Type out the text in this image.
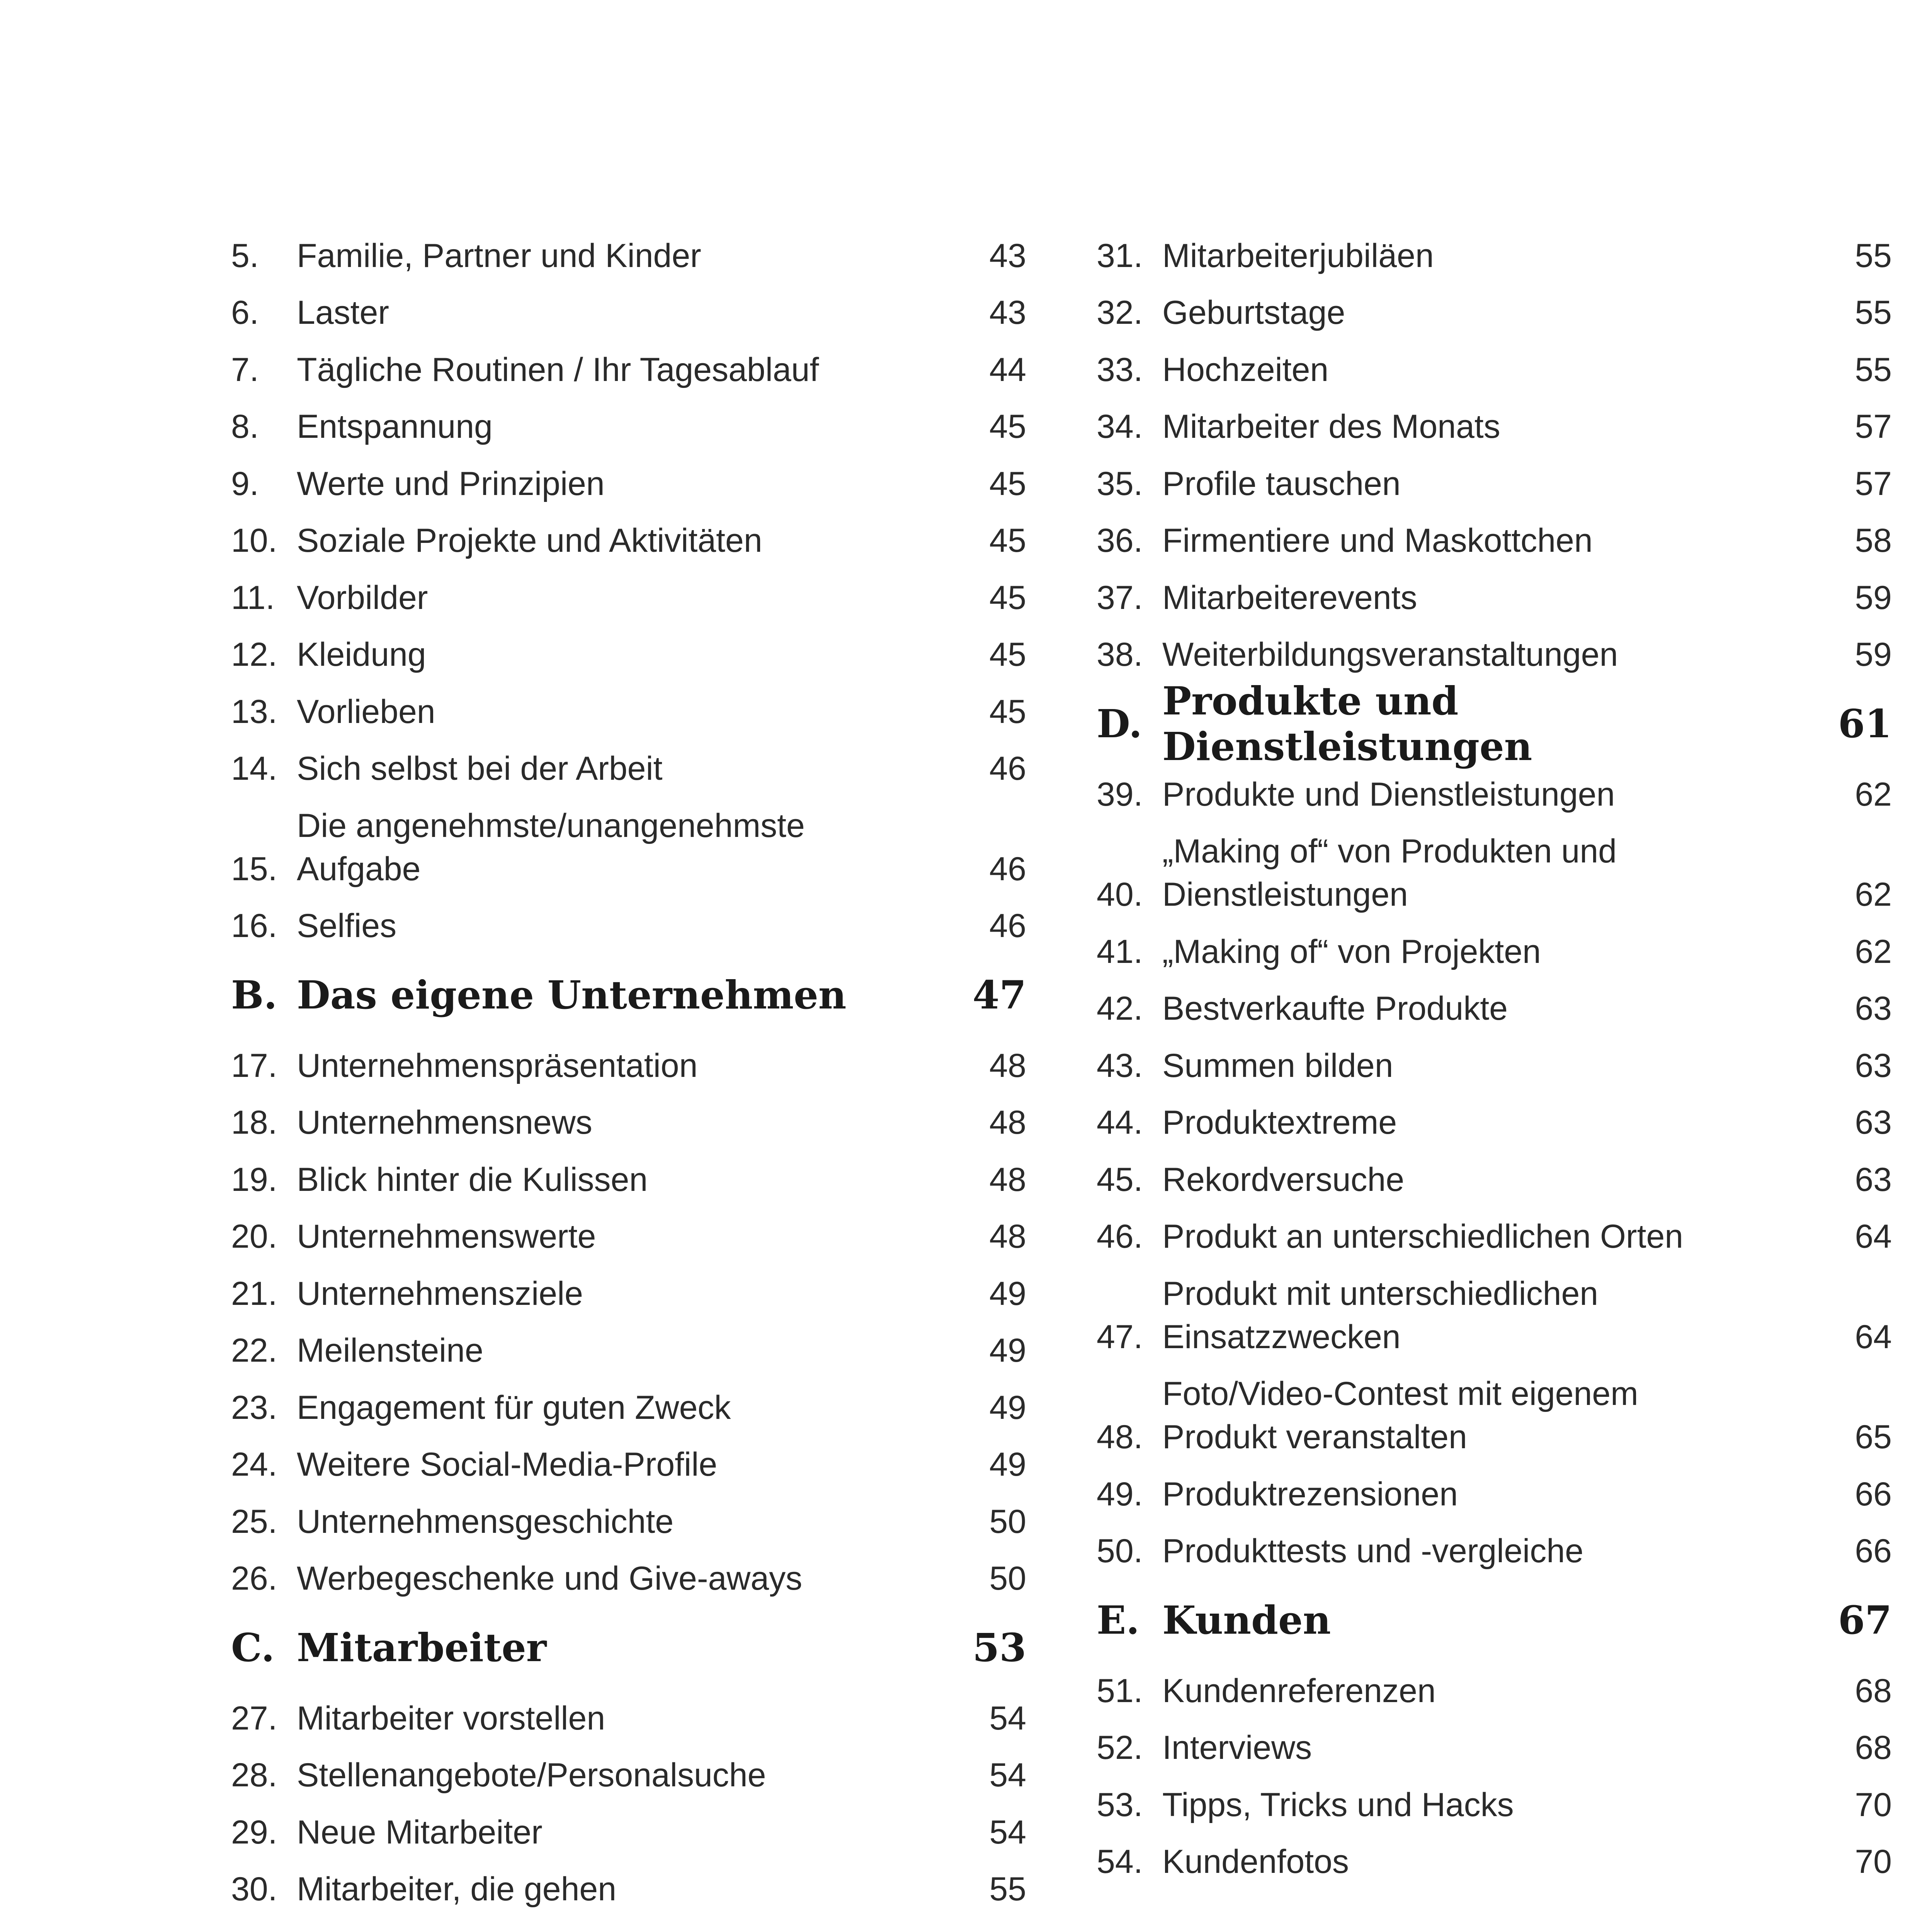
5.	Familie, Partner und Kinder	43
6.	Laster	43
7.	Tägliche Routinen / Ihr Tagesablauf	44
8.	Entspannung	45
9.	Werte und Prinzipien	45
10. Soziale Projekte und Aktivitäten	45
11. Vorbilder	45
12. Kleidung	45
13. Vorlieben	45
14. Sich selbst bei der Arbeit	46
15.
Die angenehmste/unangenehmste
Aufgabe	46
16. Selfies	46
B. Das eigene Unternehmen	47
17. Unternehmenspräsentation	48
18. Unternehmensnews	48
19. Blick hinter die Kulissen	48
20. Unternehmenswerte	48
21. Unternehmensziele	49
22. Meilensteine	49
23. Engagement für guten Zweck	49
24. Weitere Social-Media-Profile	49
25. Unternehmensgeschichte	50
26. Werbegeschenke und Give-aways	50
C. Mitarbeiter	53
27. Mitarbeiter vorstellen	54
28. Stellenangebote/Personalsuche	54
29. Neue Mitarbeiter	54
30. Mitarbeiter, die gehen	55
31. Mitarbeiterjubiläen	55
32. Geburtstage	55
33. Hochzeiten	55
34. Mitarbeiter des Monats	57
35. Profile tauschen	57
36. Firmentiere und Maskottchen	58
37. Mitarbeiterevents	59
38. Weiterbildungsveranstaltungen	59
D. Produkte und Dienstleistungen	61
39. Produkte und Dienstleistungen	62
40.
„Making of“ von Produkten und
Dienstleistungen	62
41. „Making of“ von Projekten	62
42. Bestverkaufte Produkte	63
43. Summen bilden	63
44. Produktextreme	63
45. Rekordversuche	63
46. Produkt an unterschiedlichen Orten	64
47.
Produkt mit unterschiedlichen
Einsatzzwecken	64
48.
Foto/Video-Contest mit eigenem
Produkt veranstalten	65
49. Produktrezensionen	66
50. Produkttests und -vergleiche	66
E. Kunden	67
51. Kundenreferenzen	68
52. Interviews	68
53. Tipps, Tricks und Hacks	70
54. Kundenfotos	70
